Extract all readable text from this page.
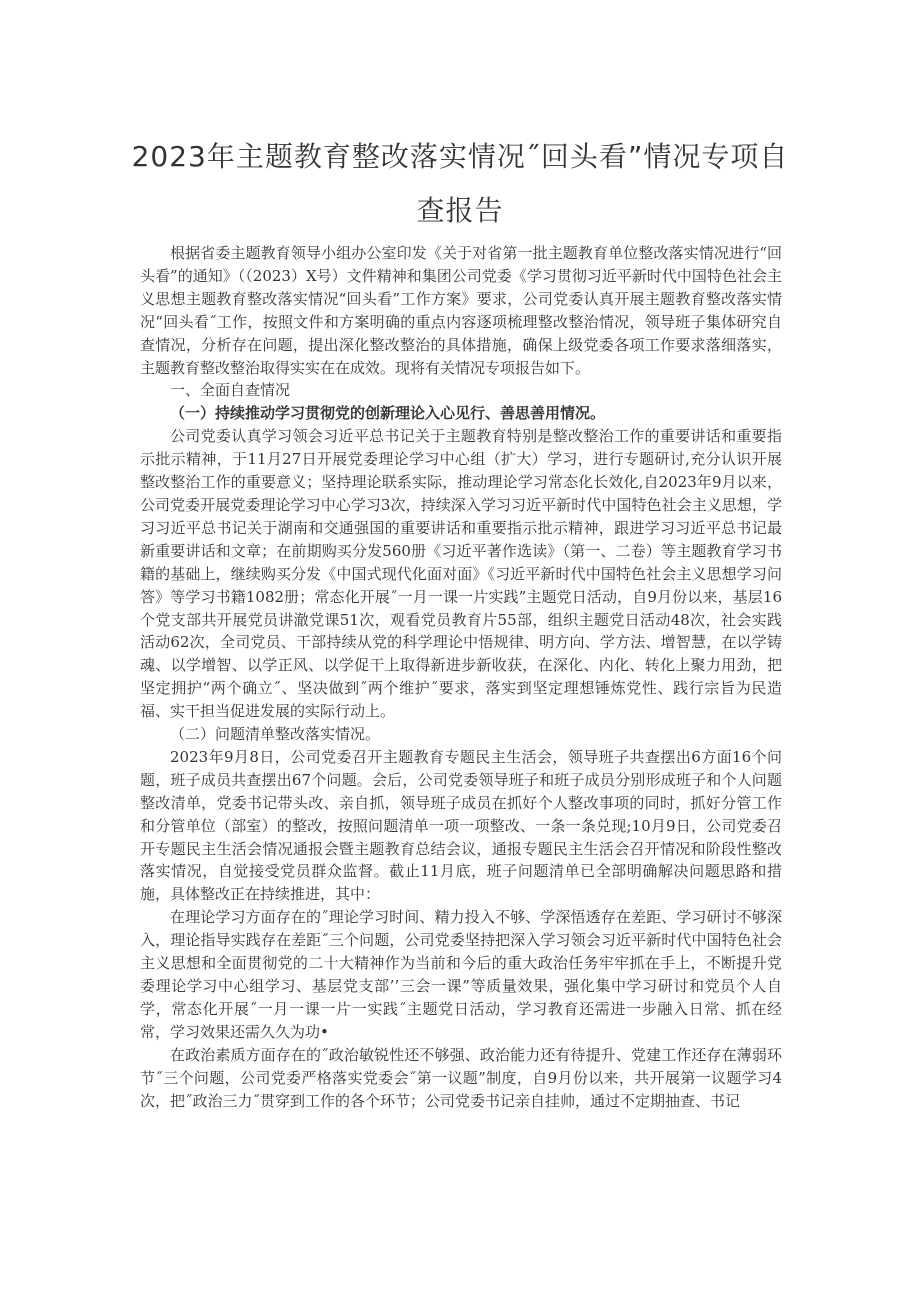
2023年主题教育整改落实情况˝回头看”情况专项自
查报告

根据省委主题教育领导小组办公室印发《关于对省第一批主题教育单位整改落实情况进行“回头看”的通知》（（2023）X号）文件精神和集团公司党委《学习贯彻习近平新时代中国特色社会主义思想主题教育整改落实情况“回头看”工作方案》要求，公司党委认真开展主题教育整改落实情况“回头看˝工作，按照文件和方案明确的重点内容逐项梳理整改整治情况，领导班子集体研究自查情况，分析存在问题，提出深化整改整治的具体措施，确保上级党委各项工作要求落细落实，主题教育整改整治取得实实在在成效。现将有关情况专项报告如下。

一、全面自查情况

（一）持续推动学习贯彻党的创新理论入心见行、善思善用情况。

公司党委认真学习领会习近平总书记关于主题教育特别是整改整治工作的重要讲话和重要指示批示精神，于11月27日开展党委理论学习中心组（扩大）学习，进行专题研讨,充分认识开展整改整治工作的重要意义；坚持理论联系实际，推动理论学习常态化长效化,自2023年9月以来，公司党委开展党委理论学习中心学习3次，持续深入学习习近平新时代中国特色社会主义思想，学习习近平总书记关于湖南和交通强国的重要讲话和重要指示批示精神，跟进学习习近平总书记最新重要讲话和文章；在前期购买分发560册《习近平著作选读》（第一、二卷）等主题教育学习书籍的基础上，继续购买分发《中国式现代化面对面》《习近平新时代中国特色社会主义思想学习问答》等学习书籍1082册；常态化开展˝一月一课一片实践”主题党日活动，自9月份以来，基层16个党支部共开展党员讲澈党课51次，观看党员教育片55部，组织主题党日活动48次，社会实践活动62次，全司党员、干部持续从党的科学理论中悟规律、明方向、学方法、增智慧，在以学铸魂、以学增智、以学正风、以学促干上取得新进步新收获，在深化、内化、转化上聚力用劲，把坚定拥护“两个确立˝、坚决做到˝两个维护˝要求，落实到坚定理想锤炼党性、践行宗旨为民造福、实干担当促进发展的实际行动上。

（二）问题清单整改落实情况。

2023年9月8日，公司党委召开主题教育专题民主生活会，领导班子共查摆出6方面16个问题，班子成员共查摆出67个问题。会后，公司党委领导班子和班子成员分别形成班子和个人问题整改清单，党委书记带头改、亲自抓，领导班子成员在抓好个人整改事项的同时，抓好分管工作和分管单位（部室）的整改，按照问题清单一项一项整改、一条一条兑现;10月9日，公司党委召开专题民主生活会情况通报会暨主题教育总结会议，通报专题民主生活会召开情况和阶段性整改落实情况，自觉接受党员群众监督。截止11月底，班子问题清单已全部明确解决问题思路和措施，具体整改正在持续推进，其中：

在理论学习方面存在的˝理论学习时间、精力投入不够、学深悟透存在差距、学习研讨不够深入，理论指导实践存在差距˝三个问题，公司党委坚持把深入学习领会习近平新时代中国特色社会主义思想和全面贯彻党的二十大精神作为当前和今后的重大政治任务牢牢抓在手上，不断提升党委理论学习中心组学习、基层党支部’’三会一课”等质量效果，强化集中学习研讨和党员个人自学，常态化开展˝一月一课一片一实践˝主题党日活动，学习教育还需进一步融入日常、抓在经常，学习效果还需久久为功•

在政治素质方面存在的˝政治敏锐性还不够强、政治能力还有待提升、党建工作还存在薄弱环节˝三个问题，公司党委严格落实党委会˝第一议题”制度，自9月份以来，共开展第一议题学习4次，把˝政治三力˝贯穿到工作的各个环节；公司党委书记亲自挂帅，通过不定期抽查、书记
